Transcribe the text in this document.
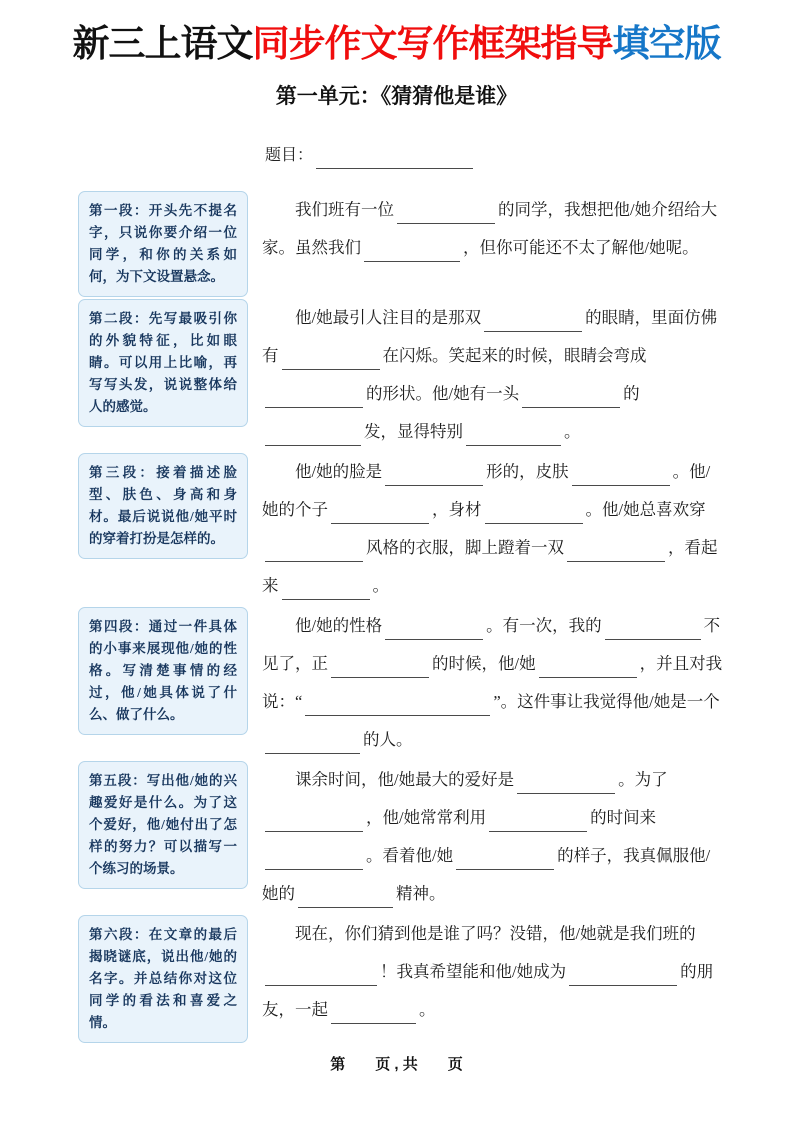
新三上语文同步作文写作框架指导填空版
第一单元：《猜猜他是谁》
题目：
第一段：开头先不提名字，只说你要介绍一位同学，和你的关系如何，为下文设置悬念。
我们班有一位	的同学，我想把他/她介绍给大家。虽然我们	，但你可能还不太了解他/她呢。
第二段：先写最吸引你的外貌特征，比如眼睛。可以用上比喻，再写写头发，说说整体给人的感觉。
他/她最引人注目的是那双	的眼睛，里面仿佛有	在闪烁。笑起来的时候，眼睛会弯成的形状。他/她有一头	的发，显得特别	。
第三段：接着描述脸型、肤色、身高和身材。最后说说他/她平时的穿着打扮是怎样的。
他/她的脸是	形的，皮肤	。他/她的个子	，身材	。他/她总喜欢穿风格的衣服，脚上蹬着一双	，看起来	。
第四段：通过一件具体的小事来展现他/她的性格。写清楚事情的经过，他/她具体说了什么、做了什么。
他/她的性格	。有一次，我的	不见了，正	的时候，他/她	，并且对我说：“	”。这件事让我觉得他/她是一个的人。
第五段：写出他/她的兴趣爱好是什么。为了这个爱好，他/她付出了怎样的努力？可以描写一个练习的场景。
课余时间，他/她最大的爱好是	。为了，他/她常常利用	的时间来。看着他/她	的样子，我真佩服他/她的	精神。
第六段：在文章的最后揭晓谜底，说出他/她的名字。并总结你对这位同学的看法和喜爱之情。
现在，你们猜到他是谁了吗？没错，他/她就是我们班的！我真希望能和他/她成为	的朋友，一起	。
第　　页 , 共　　页
